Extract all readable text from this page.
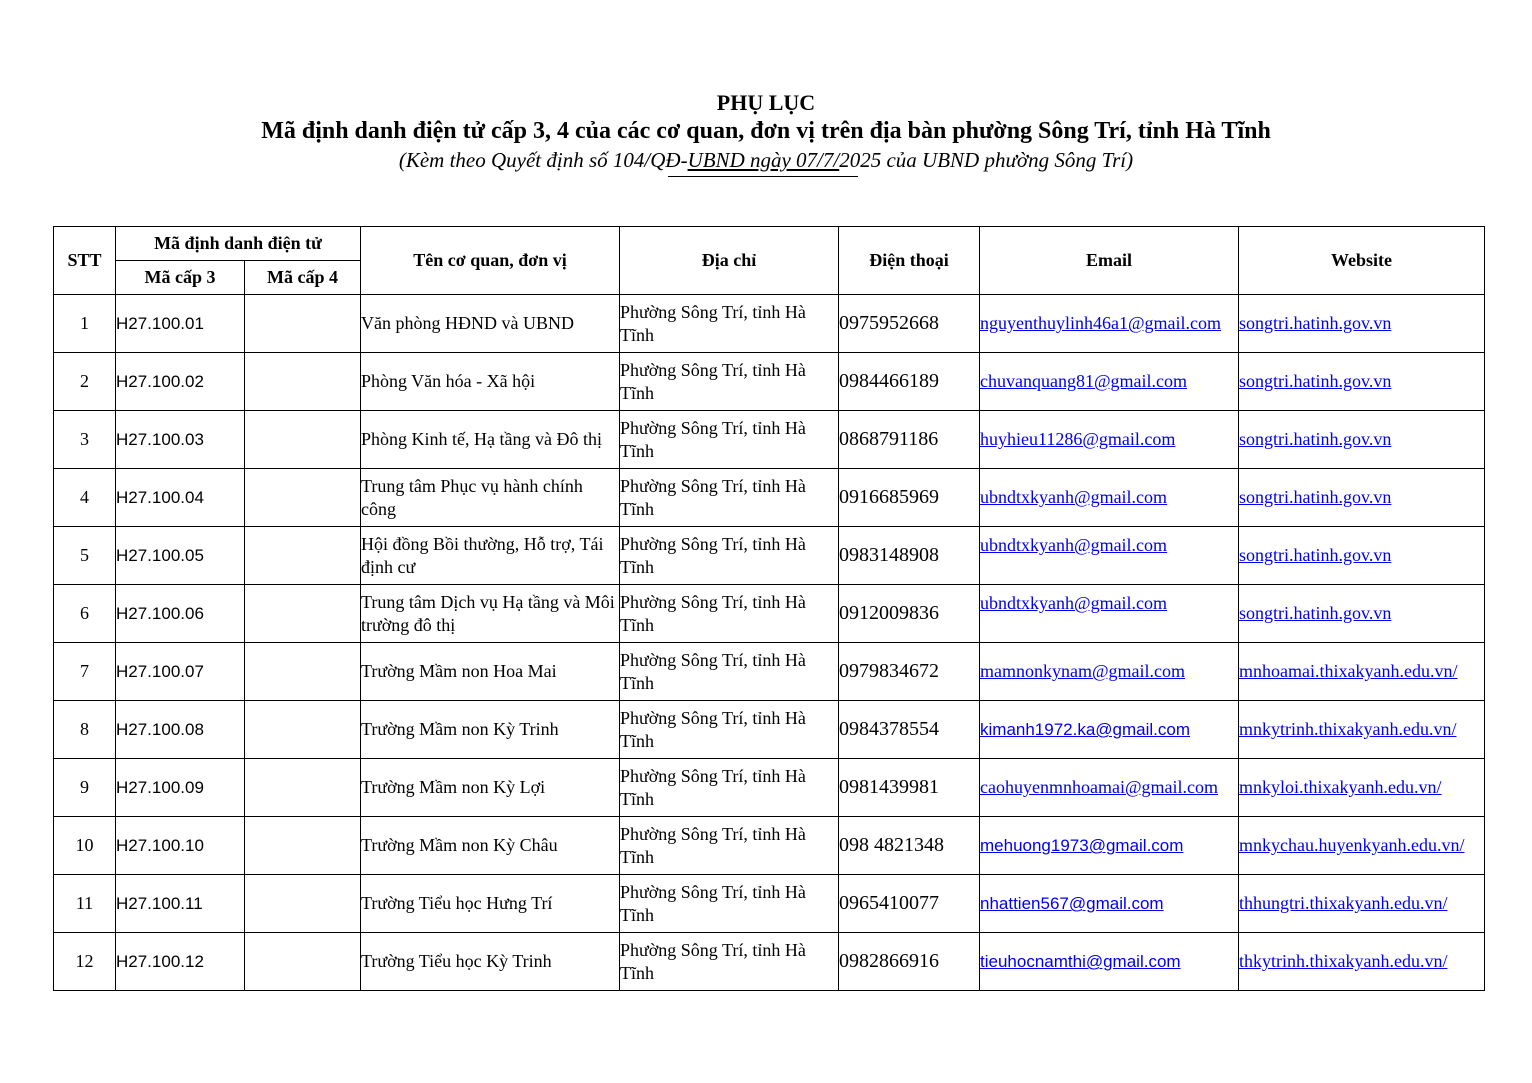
PHỤ LỤC
Mã định danh điện tử cấp 3, 4 của các cơ quan, đơn vị trên địa bàn phường Sông Trí, tỉnh Hà Tĩnh
(Kèm theo Quyết định số 104/QĐ-UBND ngày 07/7/2025 của UBND phường Sông Trí)
STT	Mã định danh điện tử		Tên cơ quan, đơn vị	Địa chỉ	Điện thoại	Email	Website
	Mã cấp 3	Mã cấp 4					
1	H27.100.01		Văn phòng HĐND và UBND	Phường Sông Trí, tỉnh Hà Tĩnh	0975952668	nguyenthuylinh46a1@gmail.com	songtri.hatinh.gov.vn
2	H27.100.02		Phòng Văn hóa - Xã hội	Phường Sông Trí, tỉnh Hà Tĩnh	0984466189	chuvanquang81@gmail.com	songtri.hatinh.gov.vn
3	H27.100.03		Phòng Kinh tế, Hạ tầng và Đô thị	Phường Sông Trí, tỉnh Hà Tĩnh	0868791186	huyhieu11286@gmail.com	songtri.hatinh.gov.vn
4	H27.100.04		Trung tâm Phục vụ hành chính công	Phường Sông Trí, tỉnh Hà Tĩnh	0916685969	ubndtxkyanh@gmail.com	songtri.hatinh.gov.vn
5	H27.100.05		Hội đồng Bồi thường, Hỗ trợ, Tái định cư	Phường Sông Trí, tỉnh Hà Tĩnh	0983148908	ubndtxkyanh@gmail.com	songtri.hatinh.gov.vn
6	H27.100.06		Trung tâm Dịch vụ Hạ tầng và Môi trường đô thị	Phường Sông Trí, tỉnh Hà Tĩnh	0912009836	ubndtxkyanh@gmail.com	songtri.hatinh.gov.vn
7	H27.100.07		Trường Mầm non Hoa Mai	Phường Sông Trí, tỉnh Hà Tĩnh	0979834672	mamnonkynam@gmail.com	mnhoamai.thixakyanh.edu.vn/
8	H27.100.08		Trường Mầm non Kỳ Trinh	Phường Sông Trí, tỉnh Hà Tĩnh	0984378554	kimanh1972.ka@gmail.com	mnkytrinh.thixakyanh.edu.vn/
9	H27.100.09		Trường Mầm non Kỳ Lợi	Phường Sông Trí, tỉnh Hà Tĩnh	0981439981	caohuyenmnhoamai@gmail.com	mnkyloi.thixakyanh.edu.vn/
10	H27.100.10		Trường Mầm non Kỳ Châu	Phường Sông Trí, tỉnh Hà Tĩnh	098 4821348	mehuong1973@gmail.com	mnkychau.huyenkyanh.edu.vn/
11	H27.100.11		Trường Tiểu học Hưng Trí	Phường Sông Trí, tỉnh Hà Tĩnh	0965410077	nhattien567@gmail.com	thhungtri.thixakyanh.edu.vn/
12	H27.100.12		Trường Tiểu học Kỳ Trinh	Phường Sông Trí, tỉnh Hà Tĩnh	0982866916	tieuhocnamthi@gmail.com	thkytrinh.thixakyanh.edu.vn/
